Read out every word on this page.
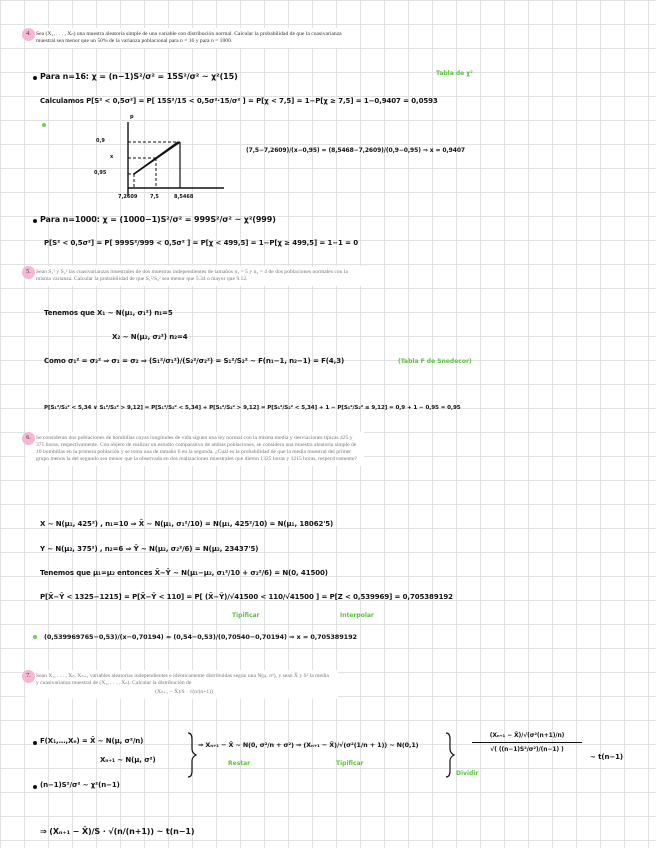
4. Sea (X₁, . . . , Xₙ) una muestra aleatoria simple de una variable con distribución normal. Calcular la probabilidad de que la cuasivarianza muestral sea menor que un 50% de la varianza poblacional para n = 16 y para n = 1000.
Para n=16: χ = (n−1)S²/σ² = 15S²/σ² ~ χ²(15)	Tabla de χ²
Calculamos P[S² < 0,5σ²] = P[ 15S²/15 < 0,5σ²·15/σ² ] = P[χ < 7,5] = 1−P[χ ≥ 7,5] = 1−0,9407 = 0,0593
p
0,9
x
0,95
7,2609	7,5	8,5468
(7,5−7,2609)/(x−0,95) = (8,5468−7,2609)/(0,9−0,95) ⇒ x = 0,9407
Para n=1000: χ = (1000−1)S²/σ² = 999S²/σ² ~ χ²(999)
P[S² < 0,5σ²] = P[ 999S²/999 < 0,5σ² ] = P[χ < 499,5] = 1−P[χ ≥ 499,5] = 1−1 = 0
5. Sean S₁² y S₂² las cuasivarianzas muestrales de dos muestras independientes de tamaños n₁ = 5 y n₂ = 4 de dos poblaciones normales con la misma varianza. Calcular la probabilidad de que S₁²/S₂² sea menor que 5.34 o mayor que 9.12.
Tenemos que X₁ ~ N(μ₁, σ₁²) n₁=5
X₂ ~ N(μ₂, σ₂²) n₂=4
Como σ₁² = σ₂² ⇒ σ₁ = σ₂ ⇒ (S₁²/σ₁²)/(S₂²/σ₂²) = S₁²/S₂² ~ F(n₁−1, n₂−1) = F(4,3)	(Tabla F de Snedecor)
P[S₁²/S₂² < 5,34 ∨ S₁²/S₂² > 9,12] = P[S₁²/S₂² < 5,34] + P[S₁²/S₂² > 9,12] = P[S₁²/S₂² < 5,34] + 1 − P[S₁²/S₂² ≤ 9,12] = 0,9 + 1 − 0,95 = 0,95
6. Se consideran dos poblaciones de bombillas cuyas longitudes de vida siguen una ley normal con la misma media y desviaciones típicas 425 y 375 horas, respectivamente. Con objeto de realizar un estudio comparativo de ambas poblaciones, se considera una muestra aleatoria simple de 10 bombillas en la primera población y se toma una de tamaño 6 en la segunda. ¿Cuál es la probabilidad de que la media muestral del primer grupo menos la del segundo sea menor que la observada en dos realizaciones muestrales que dieron 1325 horas y 1215 horas, respectivamente?
X ~ N(μ₁, 425²) , n₁=10 ⇒ X̄ ~ N(μ₁, σ₁²/10) = N(μ₁, 425²/10) = N(μ₁, 18062'5)
Y ~ N(μ₂, 375²) , n₂=6 ⇒ Ȳ ~ N(μ₂, σ₂²/6) = N(μ₂, 23437'5)
Tenemos que μ₁=μ₂ entonces X̄−Ȳ ~ N(μ₁−μ₂, σ₁²/10 + σ₂²/6) = N(0, 41500)
P[X̄−Ȳ < 1325−1215] = P[X̄−Ȳ < 110] = P[ (X̄−Ȳ)/√41500 < 110/√41500 ] = P[Z < 0,539969] = 0,705389192
Tipificar	Interpolar
(0,539969765−0,53)/(x−0,70194) = (0,54−0,53)/(0,70540−0,70194) ⇒ x = 0,705389192
7. Sean X₁, . . . , Xₙ, Xₙ₊₁ variables aleatorias independientes e idénticamente distribuidas según una N(μ, σ²), y sean X̄ y S² la media y cuasivarianza muestral de (X₁, . . . , Xₙ). Calcular la distribución de
(Xₙ₊₁ − X̄)/S · √(n/(n+1))
F(X₁,…,Xₙ) = X̄ ~ N(μ, σ²/n)
Xₙ₊₁ ~ N(μ, σ²)
⇒ Xₙ₊₁ − X̄ ~ N(0, σ²/n + σ²) ⇒ (Xₙ₊₁ − X̄)/√(σ²(1/n + 1)) ~ N(0,1)
Restar	Tipificar
Dividir
(Xₙ₊₁ − X̄)/√(σ²(n+1)/n)
√( ((n−1)S²/σ²)/(n−1) )
~ t(n−1)
(n−1)S²/σ² ~ χ²(n−1)
⇒ (Xₙ₊₁ − X̄)/S · √(n/(n+1)) ~ t(n−1)
